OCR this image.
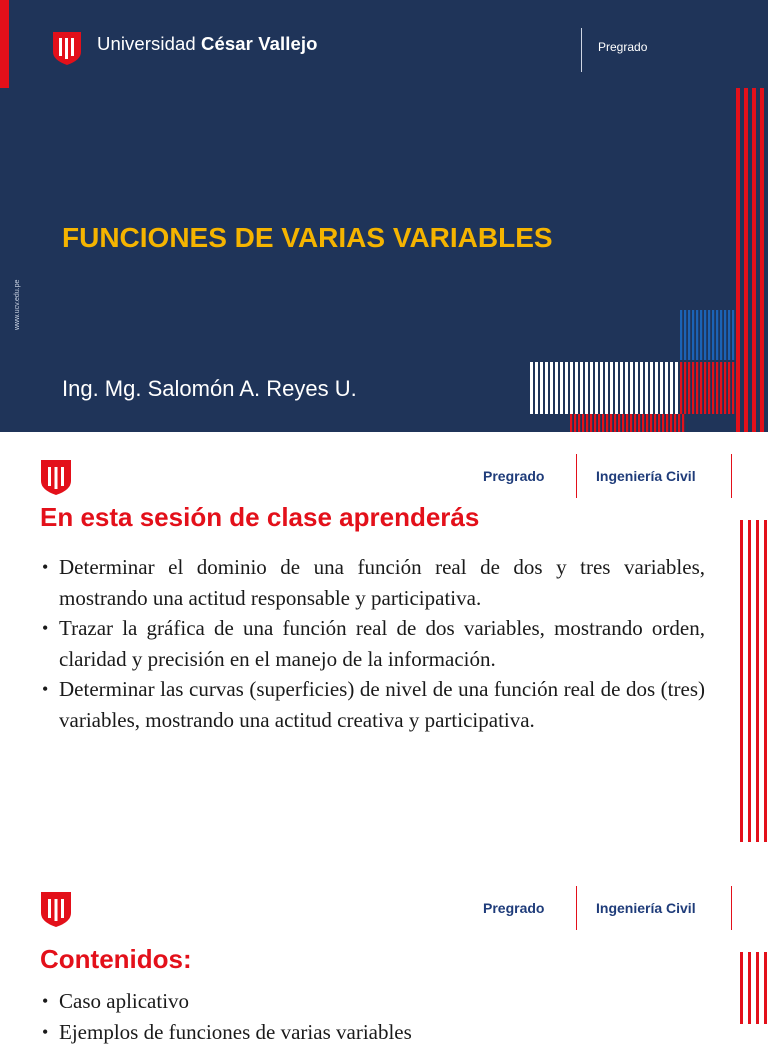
Universidad César Vallejo	Pregrado
FUNCIONES DE VARIAS VARIABLES
Ing. Mg. Salomón A. Reyes U.
www.ucv.edu.pe
Pregrado	Ingeniería Civil
En esta sesión de clase aprenderás
• Determinar el dominio de una función real de dos y tres variables, mostrando una actitud responsable y participativa.
• Trazar la gráfica de una función real de dos variables, mostrando orden, claridad y precisión en el manejo de la información.
• Determinar las curvas (superficies) de nivel de una función real de dos (tres) variables, mostrando una actitud creativa y participativa.
Pregrado	Ingeniería Civil
Contenidos:
• Caso aplicativo
• Ejemplos de funciones de varias variables
